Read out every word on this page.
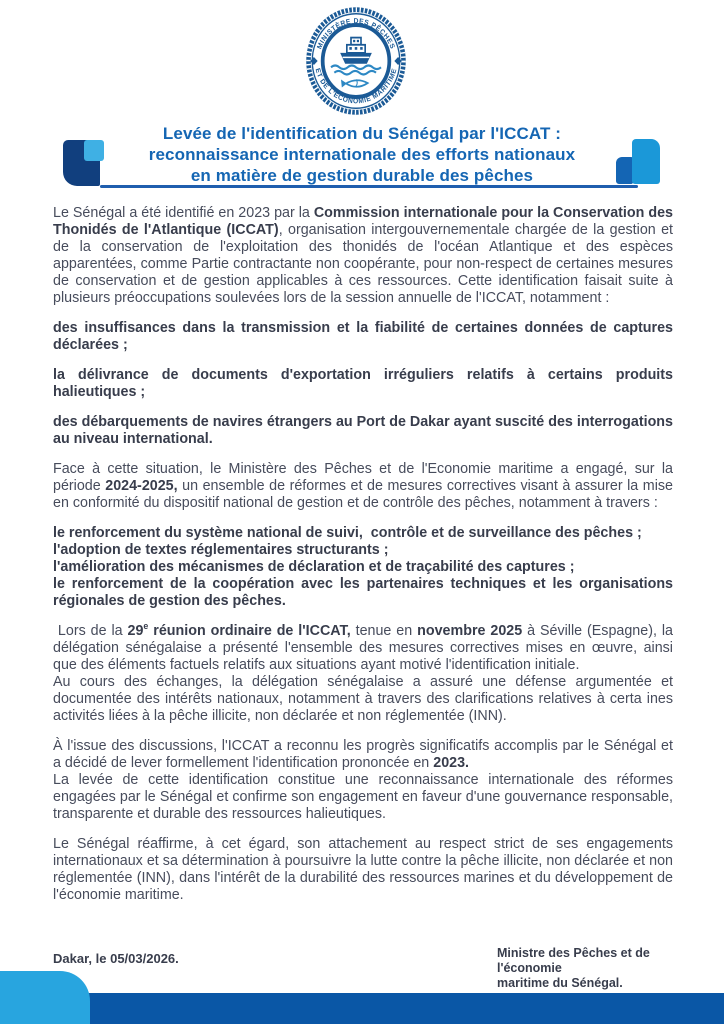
MINISTÈRE DES PÊCHES
ET DE L'ÉCONOMIE MARITIME
Levée de l'identification du Sénégal par l'ICCAT :
reconnaissance internationale des efforts nationaux
en matière de gestion durable des pêches

Le Sénégal a été identifié en 2023 par la Commission internationale pour la Conservation des Thonidés de l'Atlantique (ICCAT), organisation intergouvernementale chargée de la gestion et de la conservation de l'exploitation des thonidés de l'océan Atlantique et des espèces apparentées, comme Partie contractante non coopérante, pour non-respect de certaines mesures de conservation et de gestion applicables à ces ressources. Cette identification faisait suite à plusieurs préoccupations soulevées lors de la session annuelle de l'ICCAT, notamment :

des insuffisances dans la transmission et la fiabilité de certaines données de captures déclarées ;

la délivrance de documents d'exportation irréguliers relatifs à certains produits halieutiques ;

des débarquements de navires étrangers au Port de Dakar ayant suscité des interrogations au niveau international.

Face à cette situation, le Ministère des Pêches et de l'Economie maritime a engagé, sur la période 2024-2025, un ensemble de réformes et de mesures correctives visant à assurer la mise en conformité du dispositif national de gestion et de contrôle des pêches, notamment à travers :

le renforcement du système national de suivi,  contrôle et de surveillance des pêches ;
l'adoption de textes réglementaires structurants ;
l'amélioration des mécanismes de déclaration et de traçabilité des captures ;
le renforcement de la coopération avec les partenaires techniques et les organisations régionales de gestion des pêches.

Lors de la 29e réunion ordinaire de l'ICCAT, tenue en novembre 2025 à Séville (Espagne), la délégation sénégalaise a présenté l'ensemble des mesures correctives mises en œuvre, ainsi que des éléments factuels relatifs aux situations ayant motivé l'identification initiale.
Au cours des échanges, la délégation sénégalaise a assuré une défense argumentée et documentée des intérêts nationaux, notamment à travers des clarifications relatives à certa ines activités liées à la pêche illicite, non déclarée et non réglementée (INN).

À l'issue des discussions, l'ICCAT a reconnu les progrès significatifs accomplis par le Sénégal et a décidé de lever formellement l'identification prononcée en 2023.
La levée de cette identification constitue une reconnaissance internationale des réformes engagées par le Sénégal et confirme son engagement en faveur d'une gouvernance responsable, transparente et durable des ressources halieutiques.

Le Sénégal réaffirme, à cet égard, son attachement au respect strict de ses engagements internationaux et sa détermination à poursuivre la lutte contre la pêche illicite, non déclarée et non réglementée (INN), dans l'intérêt de la durabilité des ressources marines et du développement de l'économie maritime.

Dakar, le 05/03/2026.	Ministre des Pêches et de l'économie
maritime du Sénégal.
